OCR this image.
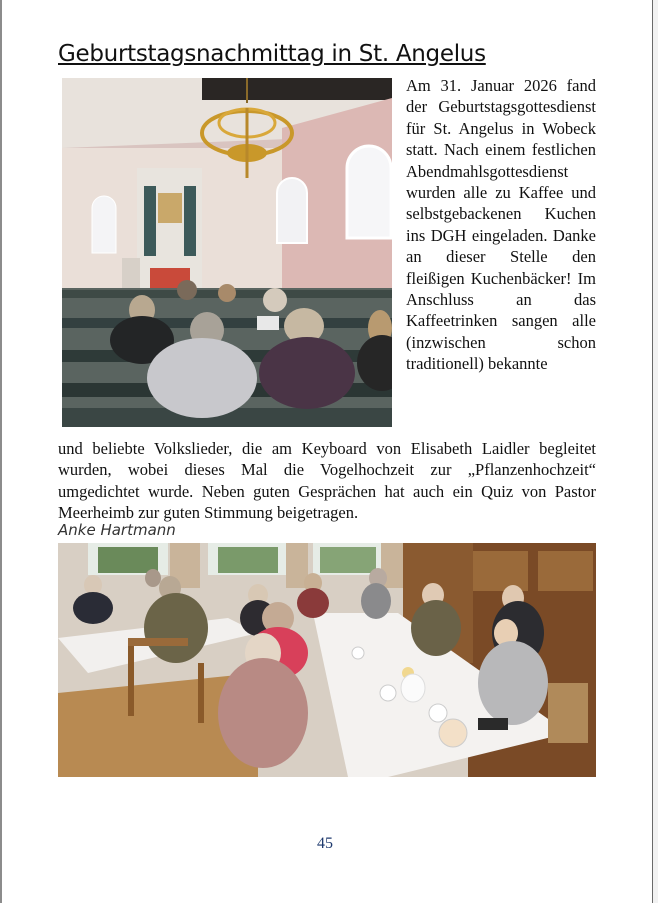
Geburtstagsnachmittag in St. Angelus
Am 31. Januar 2026 fand der Geburtstagsgottesdienst für St. Angelus in Wobeck statt. Nach einem festlichen Abendmahlsgottesdienst wurden alle zu Kaffee und selbstgebackenen Kuchen ins DGH eingeladen. Danke an dieser Stelle den fleißigen Kuchenbäcker! Im Anschluss an das Kaffeetrinken sangen alle (inzwischen schon traditionell) bekannte
und beliebte Volkslieder, die am Keyboard von Elisabeth Laidler begleitet wurden, wobei dieses Mal die Vogelhochzeit zur „Pflanzenhochzeit“ umgedichtet wurde. Neben guten Gesprächen hat auch ein Quiz von Pastor Meerheimb zur guten Stimmung beigetragen.
Anke Hartmann
45
